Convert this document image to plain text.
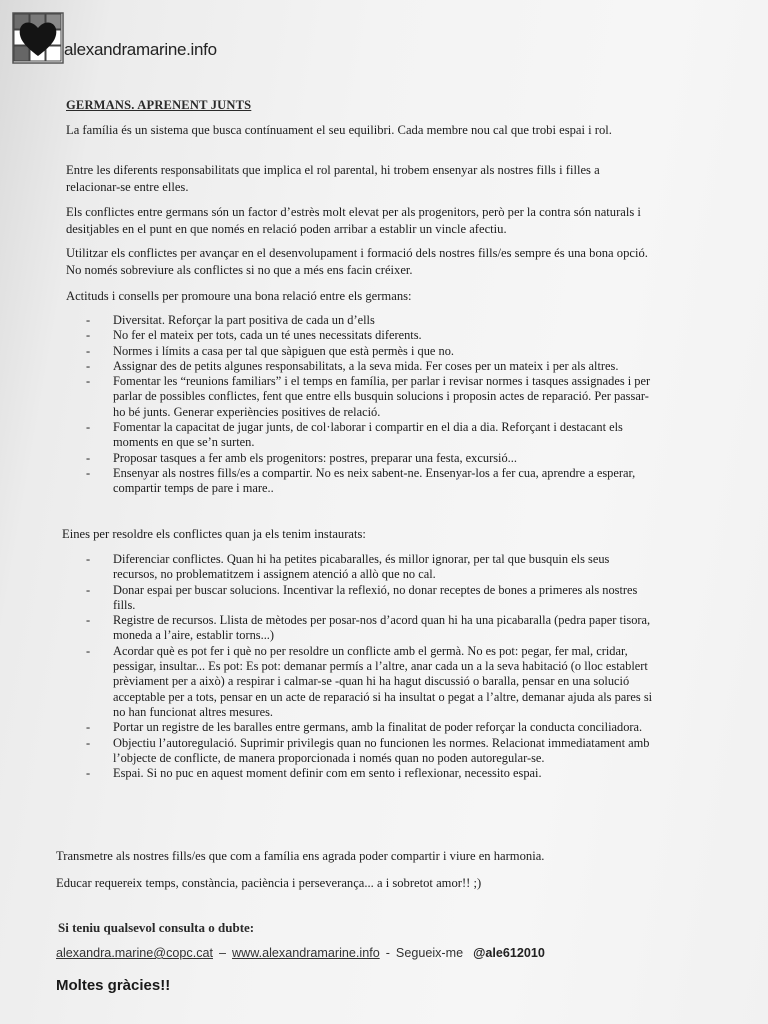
alexandramarine.info
GERMANS. APRENENT JUNTS

La família és un sistema que busca contínuament el seu equilibri. Cada membre nou cal que trobi espai i rol.

Entre les diferents responsabilitats que implica el rol parental, hi trobem ensenyar als nostres fills i filles a relacionar-se entre elles.

Els conflictes entre germans són un factor d’estrès molt elevat per als progenitors, però per la contra són naturals i desitjables en el punt en que només en relació poden arribar a establir un vincle afectiu.

Utilitzar els conflictes per avançar en el desenvolupament i formació dels nostres fills/es sempre és una bona opció. No només sobreviure als conflictes si no que a més ens facin créixer.

Actituds i consells per promoure una bona relació entre els germans:

- Diversitat. Reforçar la part positiva de cada un d’ells
- No fer el mateix per tots, cada un té unes necessitats diferents.
- Normes i límits a casa per tal que sàpiguen que està permès i que no.
- Assignar des de petits algunes responsabilitats, a la seva mida. Fer coses per un mateix i per als altres.
- Fomentar les “reunions familiars” i el temps en família, per parlar i revisar normes i tasques assignades i per parlar de possibles conflictes, fent que entre ells busquin solucions i proposin actes de reparació. Per passar-ho bé junts. Generar experiències positives de relació.
- Fomentar la capacitat de jugar junts, de col·laborar i compartir en el dia a dia. Reforçant i destacant els moments en que se’n surten.
- Proposar tasques a fer amb els progenitors: postres, preparar una festa, excursió...
- Ensenyar als nostres fills/es a compartir. No es neix sabent-ne. Ensenyar-los a fer cua, aprendre a esperar, compartir temps de pare i mare..

Eines per resoldre els conflictes quan ja els tenim instaurats:

- Diferenciar conflictes. Quan hi ha petites picabaralles, és millor ignorar, per tal que busquin els seus recursos, no problematitzem i assignem atenció a allò que no cal.
- Donar espai per buscar solucions. Incentivar la reflexió, no donar receptes de bones a primeres als nostres fills.
- Registre de recursos. Llista de mètodes per posar-nos d’acord quan hi ha una picabaralla (pedra paper tisora, moneda a l’aire, establir torns...)
- Acordar què es pot fer i què no per resoldre un conflicte amb el germà. No es pot: pegar, fer mal, cridar, pessigar, insultar... Es pot: Es pot: demanar permís a l’altre, anar cada un a la seva habitació (o lloc establert prèviament per a això) a respirar i calmar-se -quan hi ha hagut discussió o baralla, pensar en una solució acceptable per a tots, pensar en un acte de reparació si ha insultat o pegat a l’altre, demanar ajuda als pares si no han funcionat altres mesures.
- Portar un registre de les baralles entre germans, amb la finalitat de poder reforçar la conducta conciliadora.
- Objectiu l’autoregulació. Suprimir privilegis quan no funcionen les normes. Relacionat immediatament amb l’objecte de conflicte, de manera proporcionada i només quan no poden autoregular-se.
- Espai. Si no puc en aquest moment definir com em sento i reflexionar, necessito espai.

Transmetre als nostres fills/es que com a família ens agrada poder compartir i viure en harmonia.

Educar requereix temps, constància, paciència i perseverança... a i sobretot amor!! ;)

Si teniu qualsevol consulta o dubte:
alexandra.marine@copc.cat – www.alexandramarine.info - Segueix-me @ale612010
Moltes gràcies!!
